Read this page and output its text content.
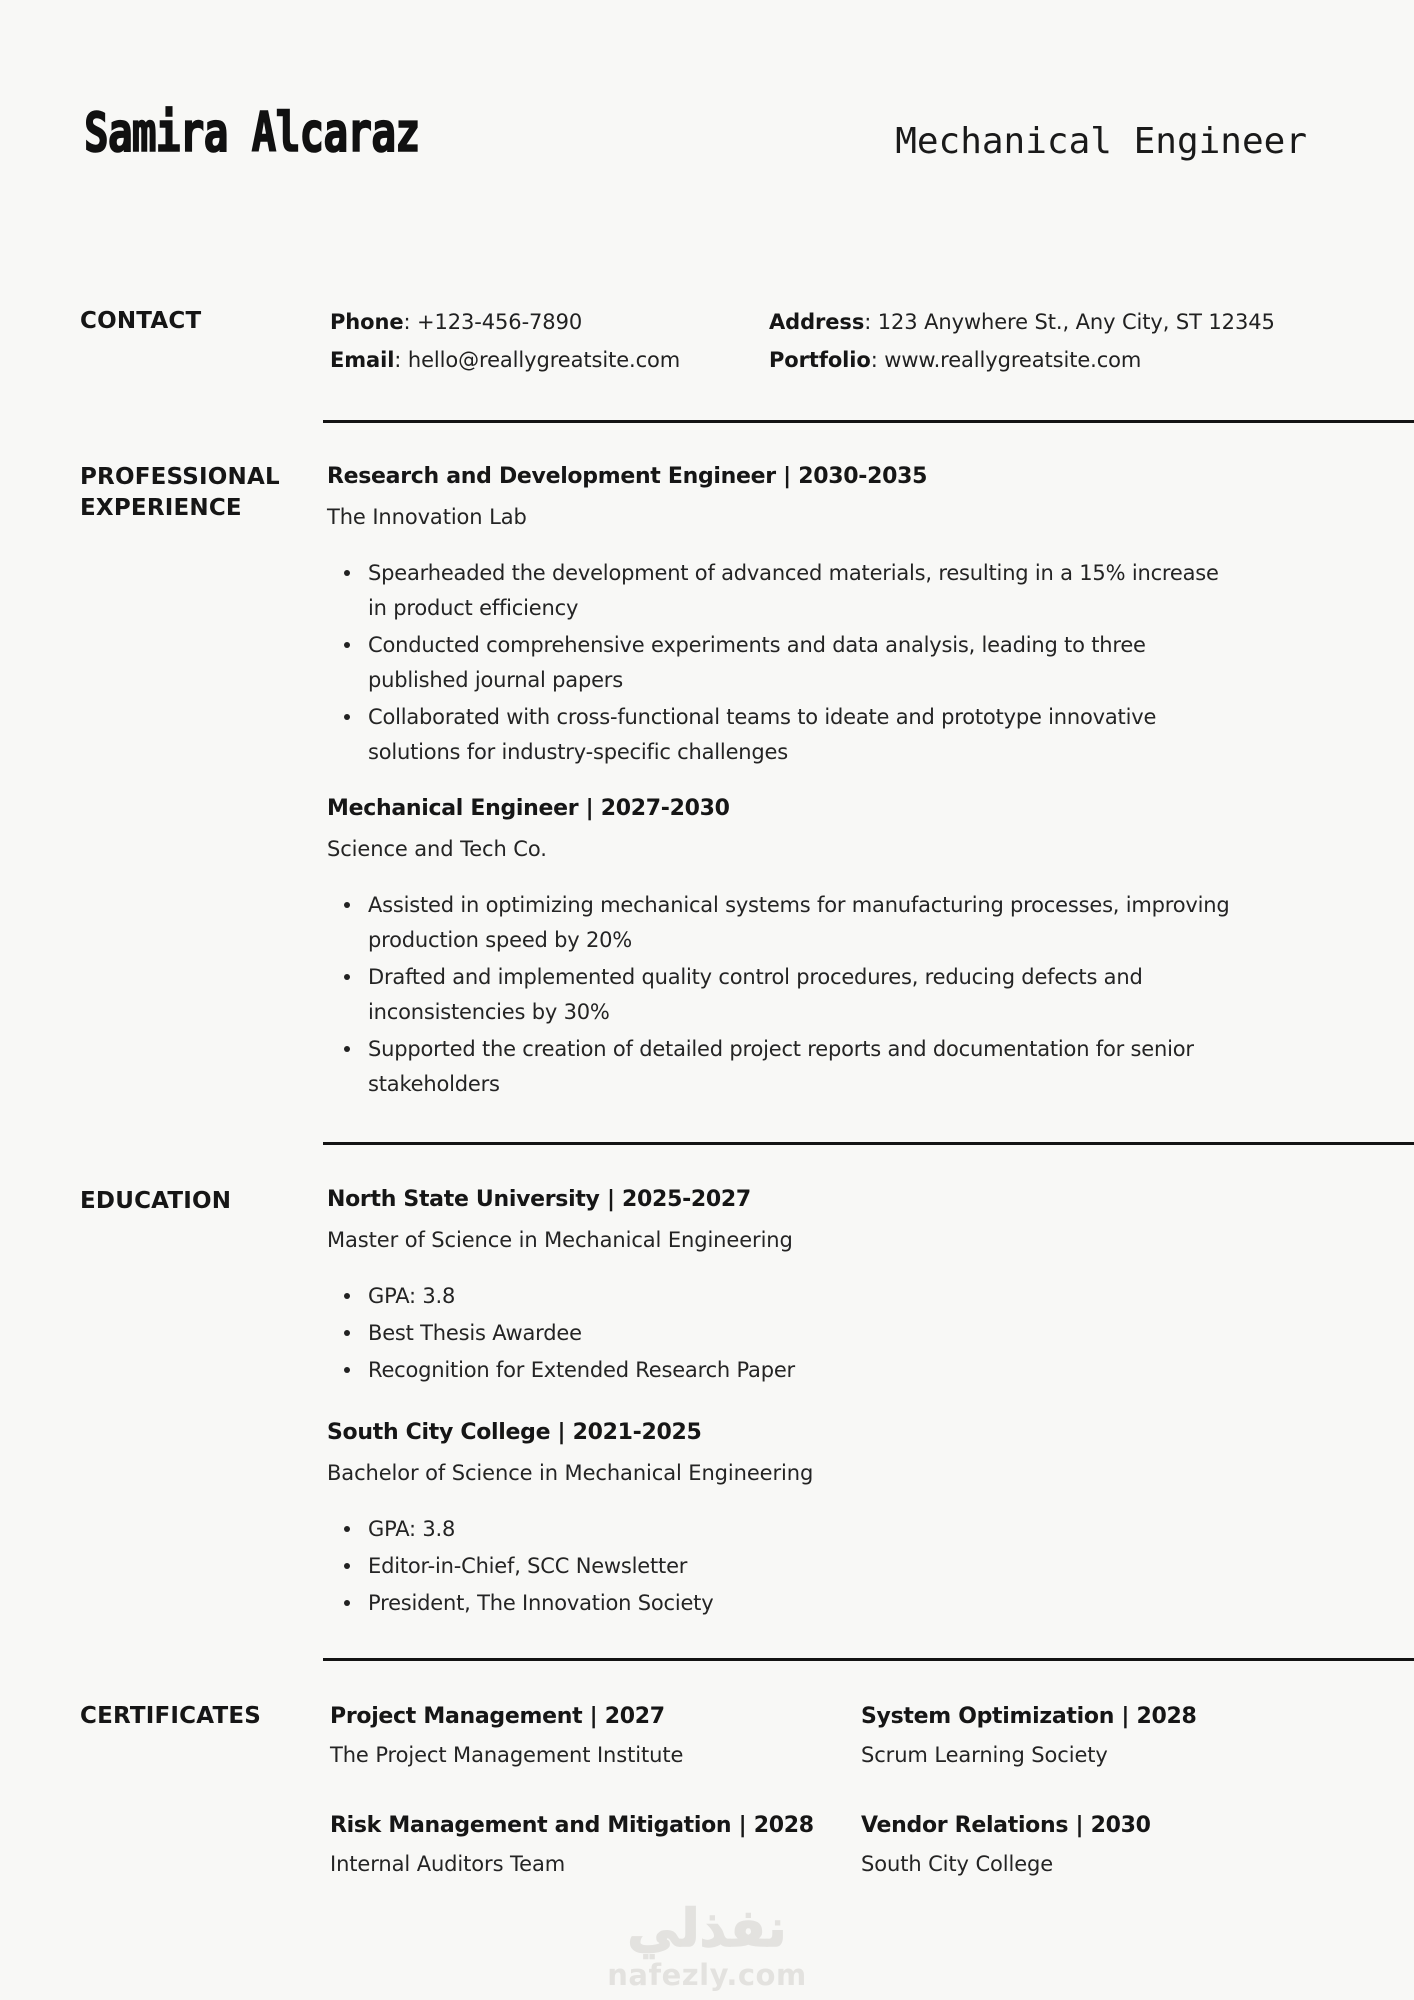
Samira Alcaraz	Mechanical Engineer
CONTACT	Phone: +123-456-7890
Email: hello@reallygreatsite.com
Address: 123 Anywhere St., Any City, ST 12345
Portfolio: www.reallygreatsite.com
PROFESSIONAL EXPERIENCE
Research and Development Engineer | 2030-2035
The Innovation Lab
Spearheaded the development of advanced materials, resulting in a 15% increase in product efficiency
Conducted comprehensive experiments and data analysis, leading to three published journal papers
Collaborated with cross-functional teams to ideate and prototype innovative solutions for industry-specific challenges
Mechanical Engineer | 2027-2030
Science and Tech Co.
Assisted in optimizing mechanical systems for manufacturing processes, improving production speed by 20%
Drafted and implemented quality control procedures, reducing defects and inconsistencies by 30%
Supported the creation of detailed project reports and documentation for senior stakeholders
EDUCATION	North State University | 2025-2027
Master of Science in Mechanical Engineering
GPA: 3.8
Best Thesis Awardee
Recognition for Extended Research Paper
South City College | 2021-2025
Bachelor of Science in Mechanical Engineering
GPA: 3.8
Editor-in-Chief, SCC Newsletter
President, The Innovation Society
CERTIFICATES	Project Management | 2027
The Project Management Institute
System Optimization | 2028
Scrum Learning Society
Risk Management and Mitigation | 2028
Internal Auditors Team
Vendor Relations | 2030
South City College
نفذلي
nafezly.com
